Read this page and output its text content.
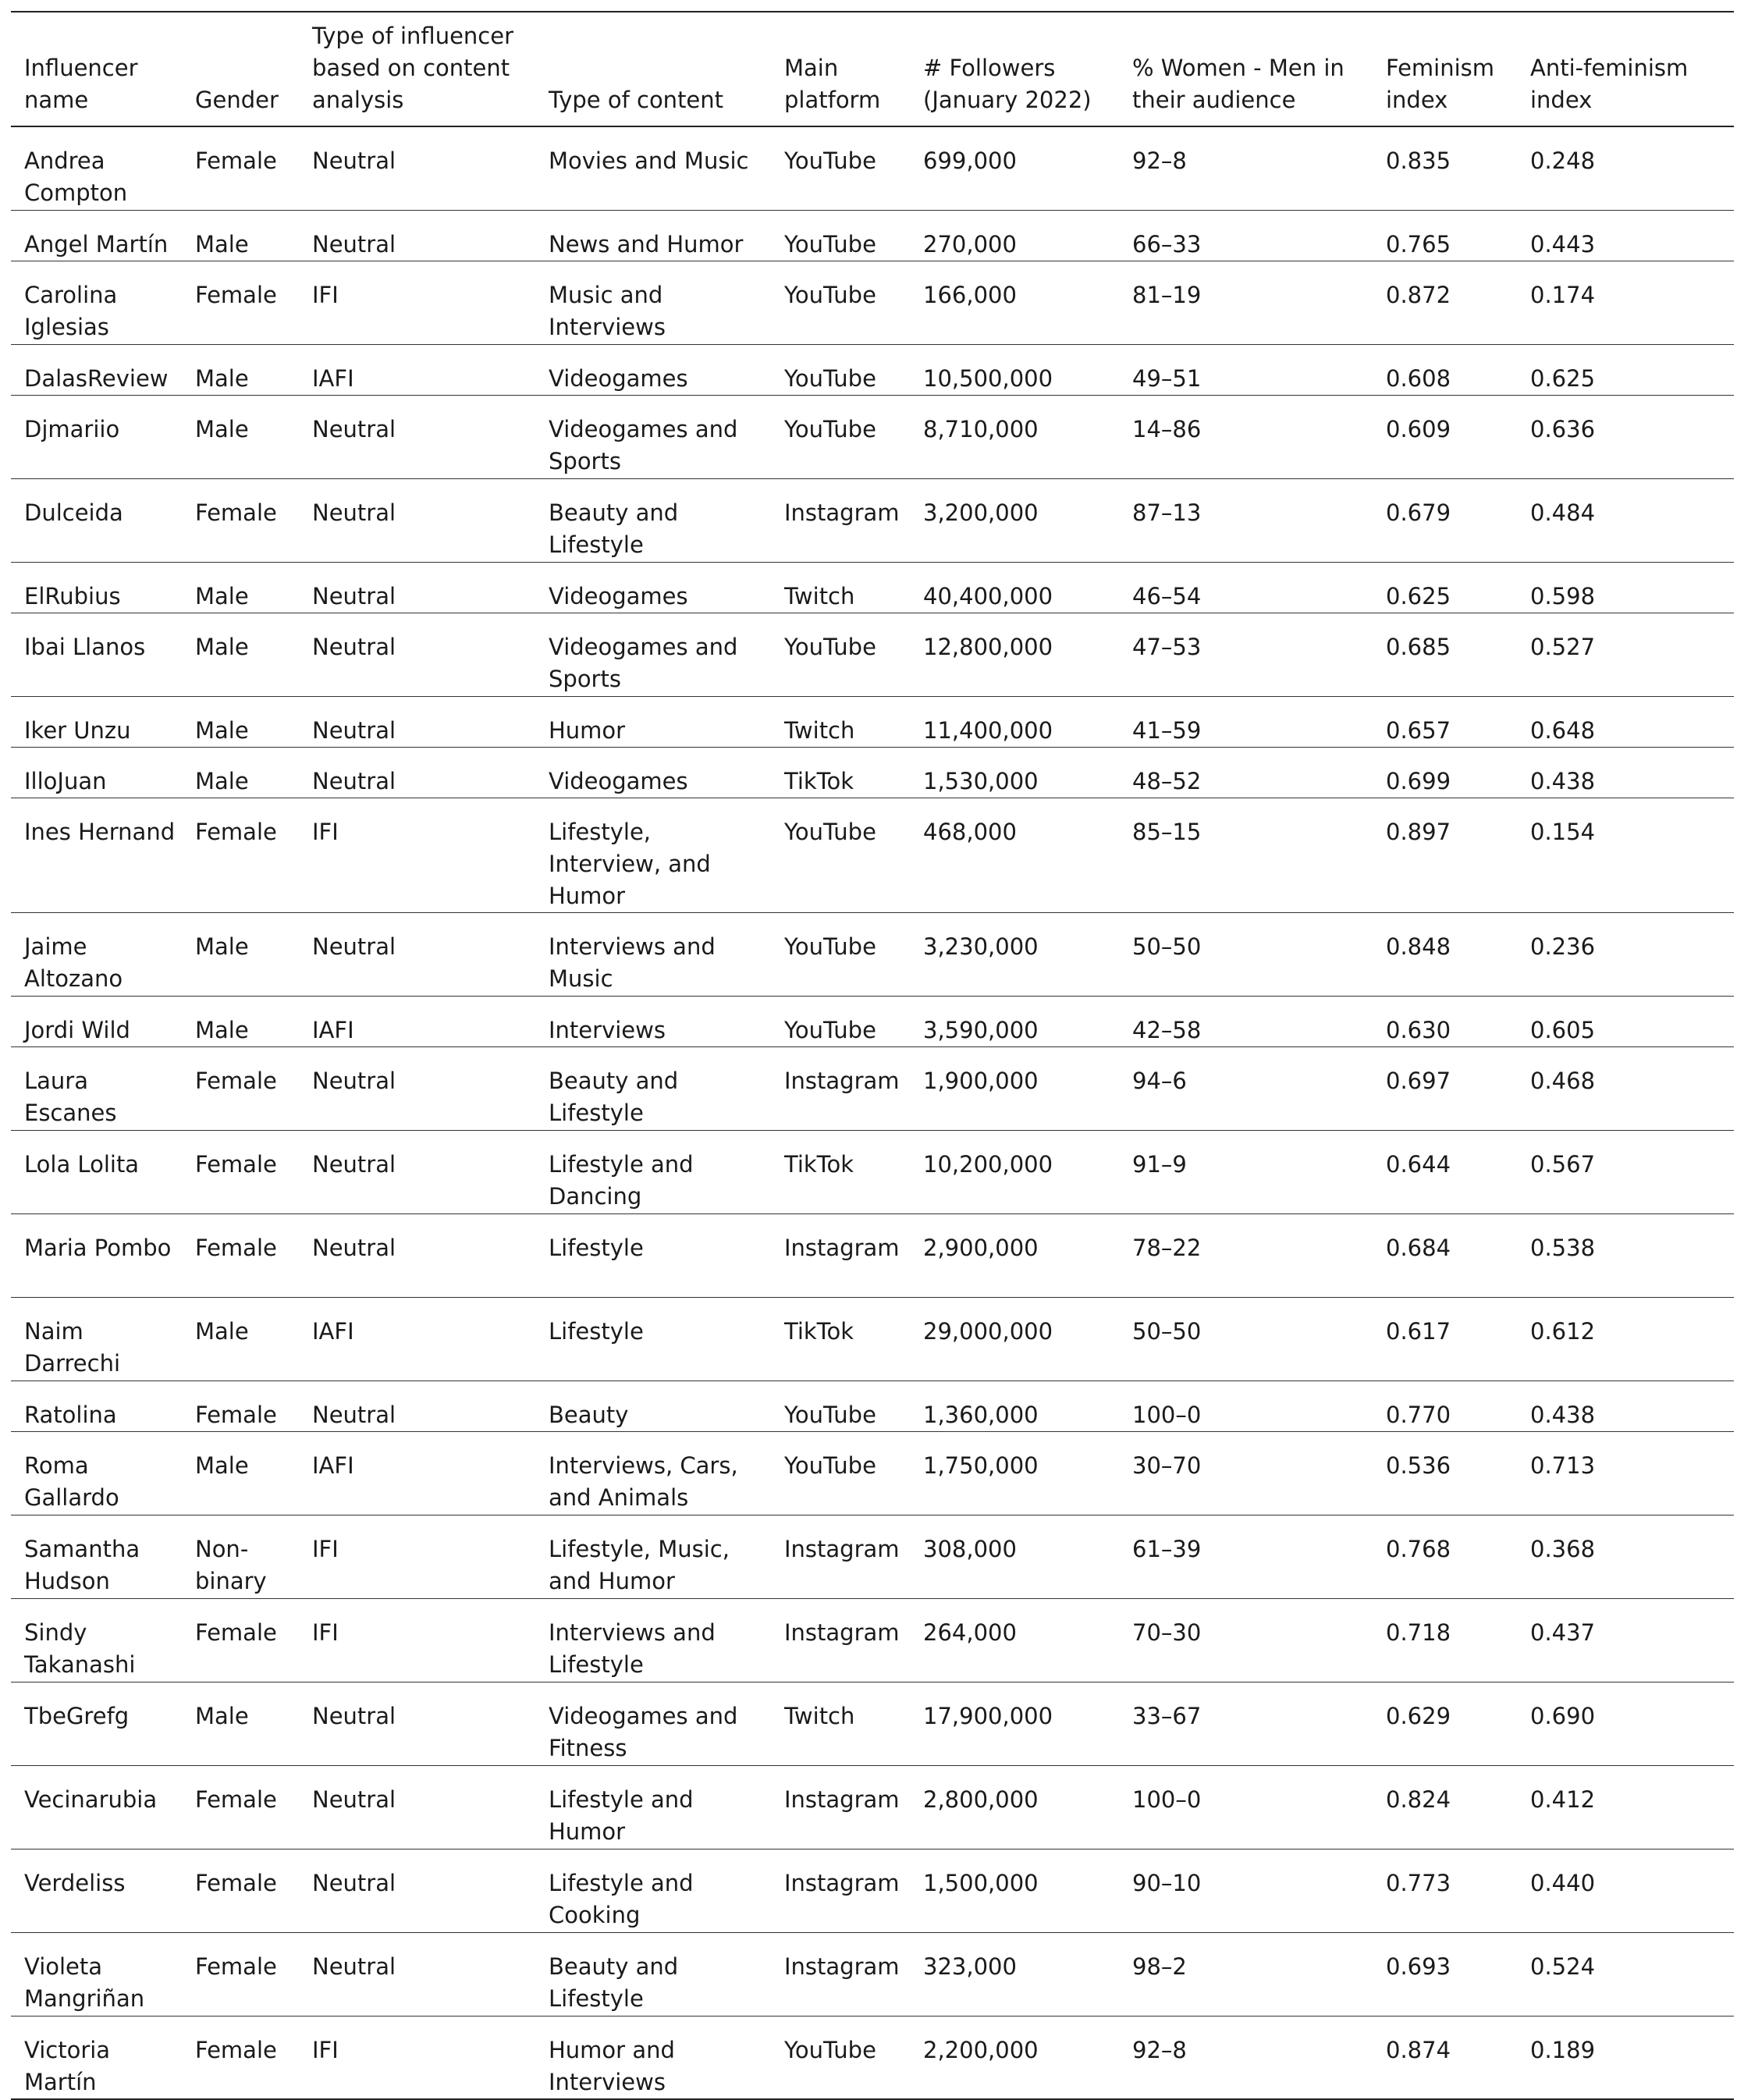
Influencer name	Gender	Type of influencer based on content analysis	Type of content	Main platform	# Followers (January 2022)	% Women - Men in their audience	Feminism index	Anti-feminism index
Andrea Compton	Female	Neutral	Movies and Music	YouTube	699,000	92–8	0.835	0.248
Angel Martín	Male	Neutral	News and Humor	YouTube	270,000	66–33	0.765	0.443
Carolina Iglesias	Female	IFI	Music and Interviews	YouTube	166,000	81–19	0.872	0.174
DalasReview	Male	IAFI	Videogames	YouTube	10,500,000	49–51	0.608	0.625
Djmariio	Male	Neutral	Videogames and Sports	YouTube	8,710,000	14–86	0.609	0.636
Dulceida	Female	Neutral	Beauty and Lifestyle	Instagram	3,200,000	87–13	0.679	0.484
ElRubius	Male	Neutral	Videogames	Twitch	40,400,000	46–54	0.625	0.598
Ibai Llanos	Male	Neutral	Videogames and Sports	YouTube	12,800,000	47–53	0.685	0.527
Iker Unzu	Male	Neutral	Humor	Twitch	11,400,000	41–59	0.657	0.648
IlloJuan	Male	Neutral	Videogames	TikTok	1,530,000	48–52	0.699	0.438
Ines Hernand	Female	IFI	Lifestyle, Interview, and Humor	YouTube	468,000	85–15	0.897	0.154
Jaime Altozano	Male	Neutral	Interviews and Music	YouTube	3,230,000	50–50	0.848	0.236
Jordi Wild	Male	IAFI	Interviews	YouTube	3,590,000	42–58	0.630	0.605
Laura Escanes	Female	Neutral	Beauty and Lifestyle	Instagram	1,900,000	94–6	0.697	0.468
Lola Lolita	Female	Neutral	Lifestyle and Dancing	TikTok	10,200,000	91–9	0.644	0.567
Maria Pombo	Female	Neutral	Lifestyle	Instagram	2,900,000	78–22	0.684	0.538
Naim Darrechi	Male	IAFI	Lifestyle	TikTok	29,000,000	50–50	0.617	0.612
Ratolina	Female	Neutral	Beauty	YouTube	1,360,000	100–0	0.770	0.438
Roma Gallardo	Male	IAFI	Interviews, Cars, and Animals	YouTube	1,750,000	30–70	0.536	0.713
Samantha Hudson	Non-binary	IFI	Lifestyle, Music, and Humor	Instagram	308,000	61–39	0.768	0.368
Sindy Takanashi	Female	IFI	Interviews and Lifestyle	Instagram	264,000	70–30	0.718	0.437
TbeGrefg	Male	Neutral	Videogames and Fitness	Twitch	17,900,000	33–67	0.629	0.690
Vecinarubia	Female	Neutral	Lifestyle and Humor	Instagram	2,800,000	100–0	0.824	0.412
Verdeliss	Female	Neutral	Lifestyle and Cooking	Instagram	1,500,000	90–10	0.773	0.440
Violeta Mangriñan	Female	Neutral	Beauty and Lifestyle	Instagram	323,000	98–2	0.693	0.524
Victoria Martín	Female	IFI	Humor and Interviews	YouTube	2,200,000	92–8	0.874	0.189
